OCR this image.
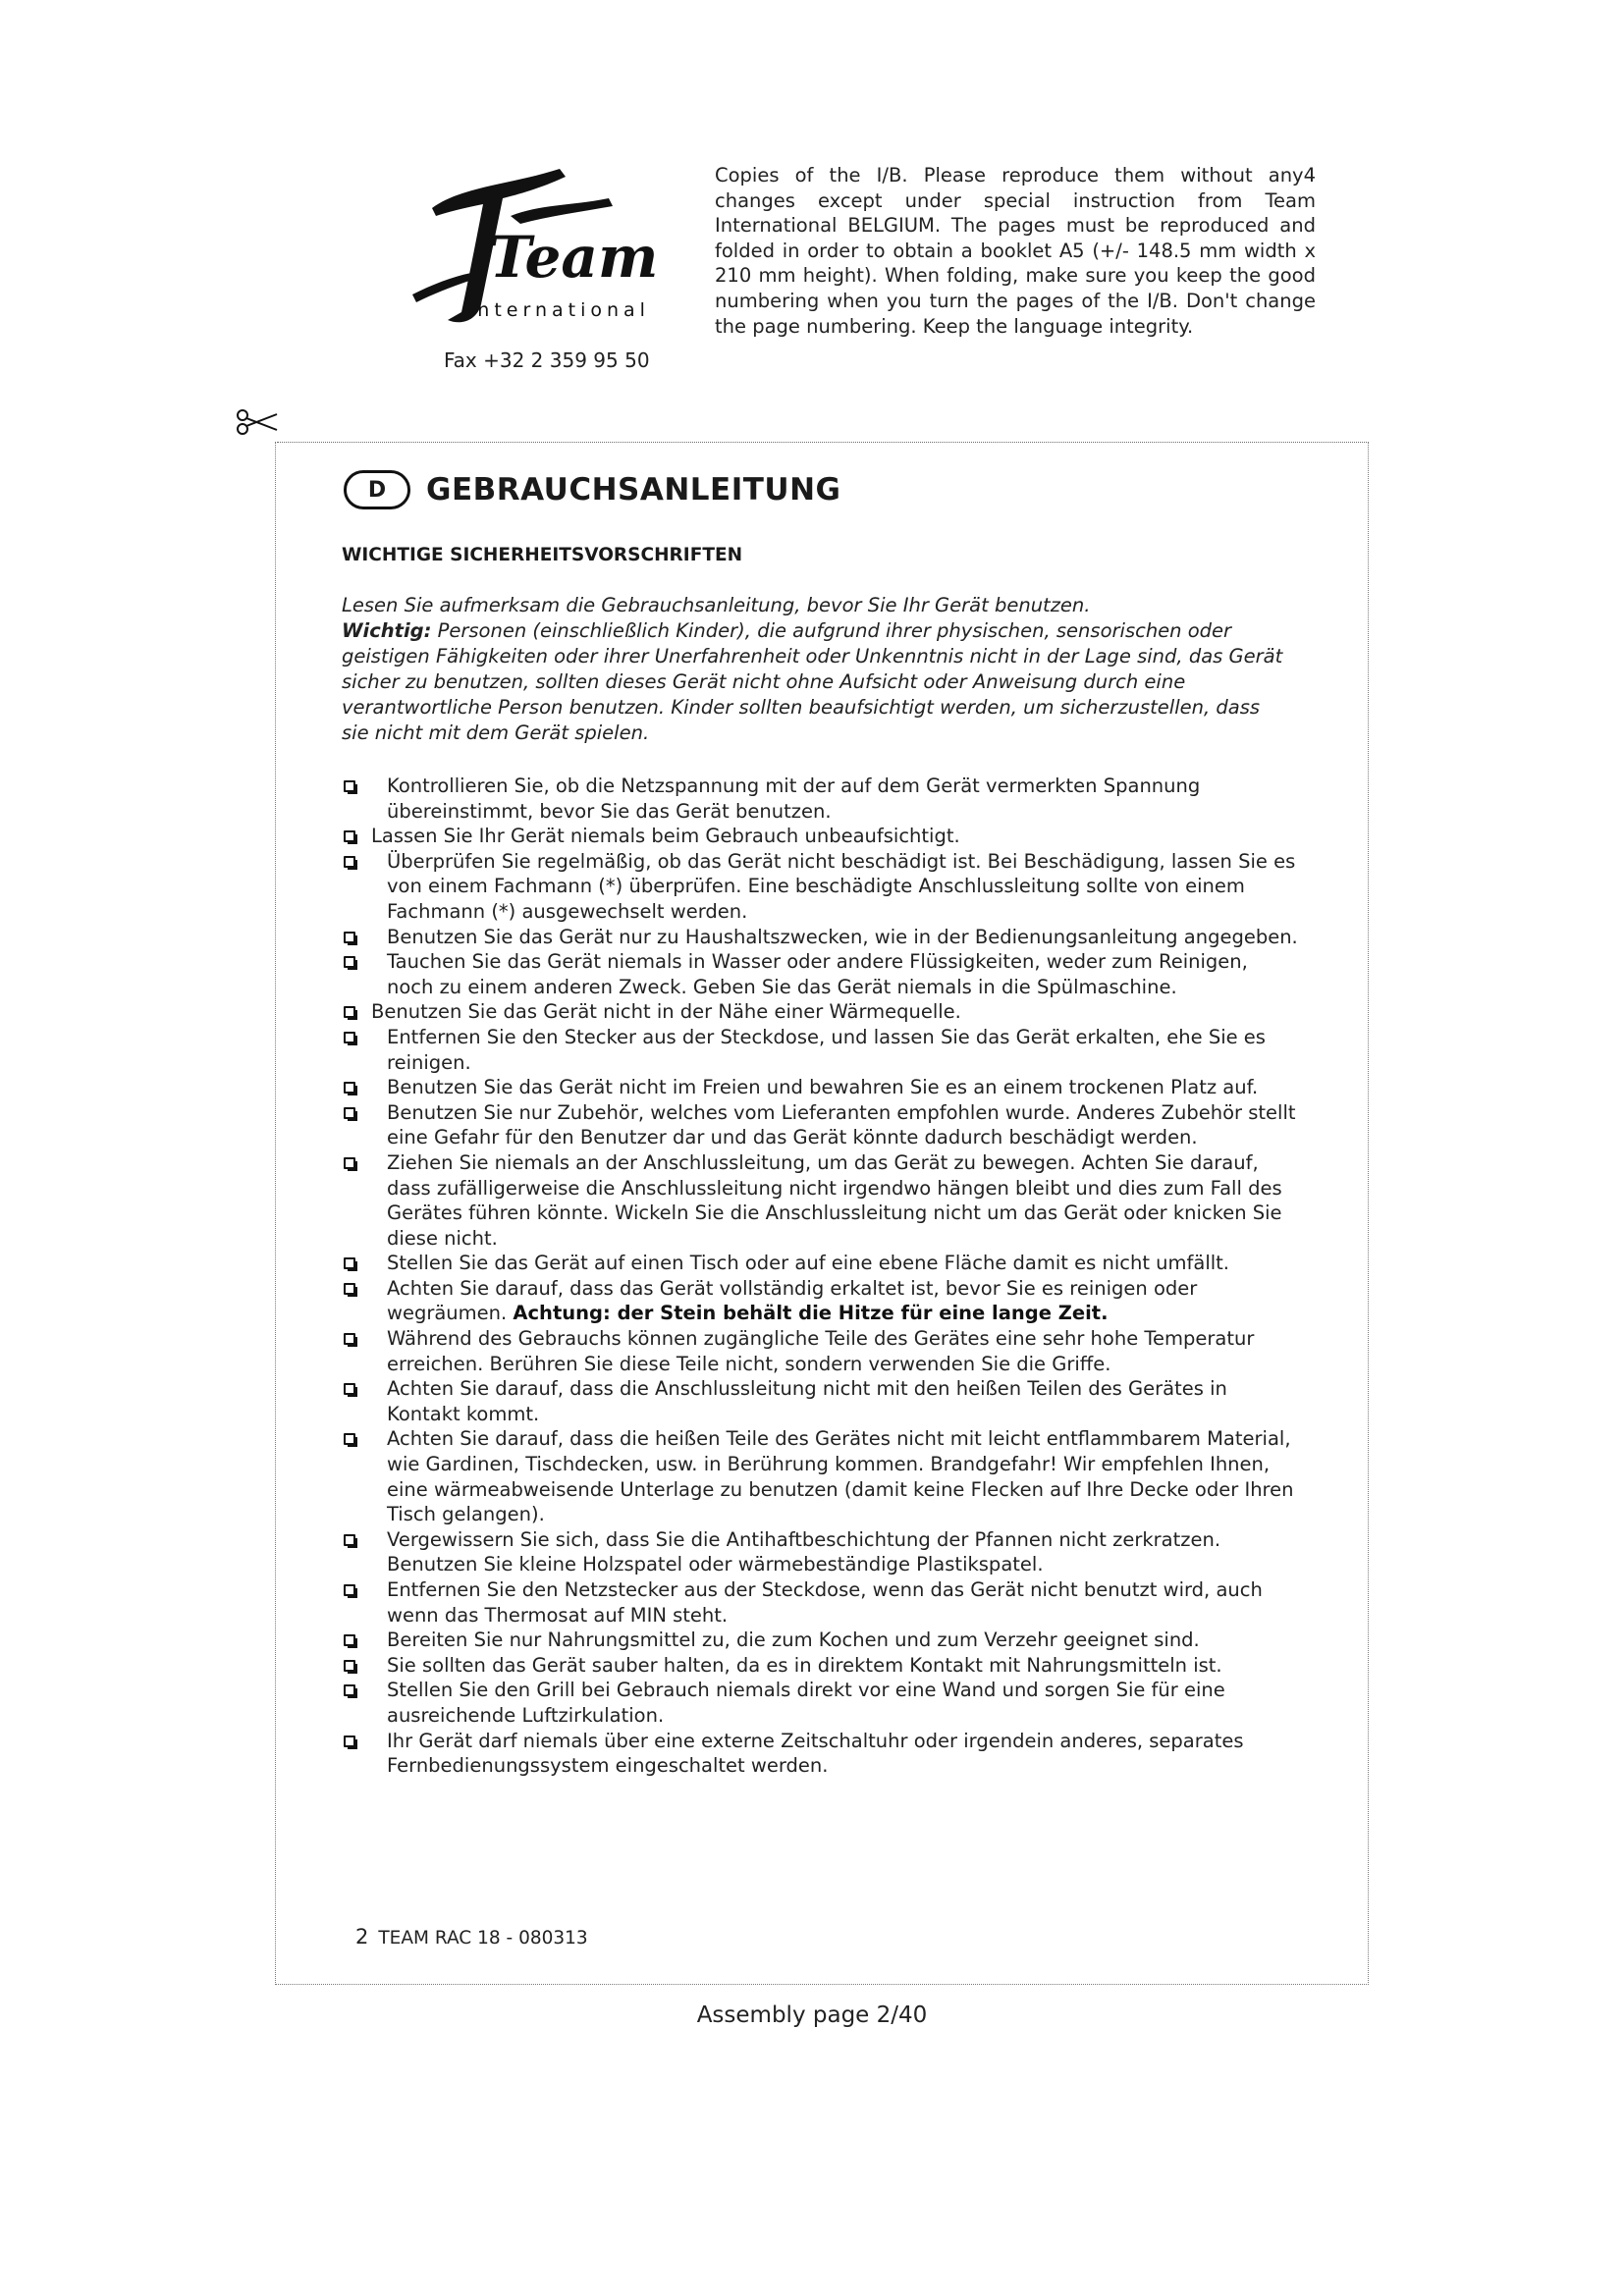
Team
international
Fax +32 2 359 95 50
Copies of the I/B. Please reproduce them without any4 changes except under special instruction from Team International BELGIUM. The pages must be reproduced and folded in order to obtain a booklet A5 (+/- 148.5 mm width x 210 mm height). When folding, make sure you keep the good numbering when you turn the pages of the I/B. Don't change the page numbering. Keep the language integrity.
D	GEBRAUCHSANLEITUNG
WICHTIGE SICHERHEITSVORSCHRIFTEN

Lesen Sie aufmerksam die Gebrauchsanleitung, bevor Sie Ihr Gerät benutzen.

Wichtig: Personen (einschließlich Kinder), die aufgrund ihrer physischen, sensorischen oder geistigen Fähigkeiten oder ihrer Unerfahrenheit oder Unkenntnis nicht in der Lage sind, das Gerät sicher zu benutzen, sollten dieses Gerät nicht ohne Aufsicht oder Anweisung durch eine verantwortliche Person benutzen. Kinder sollten beaufsichtigt werden, um sicherzustellen, dass sie nicht mit dem Gerät spielen.

Kontrollieren Sie, ob die Netzspannung mit der auf dem Gerät vermerkten Spannung übereinstimmt, bevor Sie das Gerät benutzen.
Lassen Sie Ihr Gerät niemals beim Gebrauch unbeaufsichtigt.
Überprüfen Sie regelmäßig, ob das Gerät nicht beschädigt ist. Bei Beschädigung, lassen Sie es von einem Fachmann (*) überprüfen. Eine beschädigte Anschlussleitung sollte von einem Fachmann (*) ausgewechselt werden.
Benutzen Sie das Gerät nur zu Haushaltszwecken, wie in der Bedienungsanleitung angegeben.
Tauchen Sie das Gerät niemals in Wasser oder andere Flüssigkeiten, weder zum Reinigen, noch zu einem anderen Zweck. Geben Sie das Gerät niemals in die Spülmaschine.
Benutzen Sie das Gerät nicht in der Nähe einer Wärmequelle.
Entfernen Sie den Stecker aus der Steckdose, und lassen Sie das Gerät erkalten, ehe Sie es reinigen.
Benutzen Sie das Gerät nicht im Freien und bewahren Sie es an einem trockenen Platz auf.
Benutzen Sie nur Zubehör, welches vom Lieferanten empfohlen wurde. Anderes Zubehör stellt eine Gefahr für den Benutzer dar und das Gerät könnte dadurch beschädigt werden.
Ziehen Sie niemals an der Anschlussleitung, um das Gerät zu bewegen. Achten Sie darauf, dass zufälligerweise die Anschlussleitung nicht irgendwo hängen bleibt und dies zum Fall des Gerätes führen könnte. Wickeln Sie die Anschlussleitung nicht um das Gerät oder knicken Sie diese nicht.
Stellen Sie das Gerät auf einen Tisch oder auf eine ebene Fläche damit es nicht umfällt.
Achten Sie darauf, dass das Gerät vollständig erkaltet ist, bevor Sie es reinigen oder wegräumen. Achtung: der Stein behält die Hitze für eine lange Zeit.
Während des Gebrauchs können zugängliche Teile des Gerätes eine sehr hohe Temperatur erreichen. Berühren Sie diese Teile nicht, sondern verwenden Sie die Griffe.
Achten Sie darauf, dass die Anschlussleitung nicht mit den heißen Teilen des Gerätes in Kontakt kommt.
Achten Sie darauf, dass die heißen Teile des Gerätes nicht mit leicht entflammbarem Material, wie Gardinen, Tischdecken, usw. in Berührung kommen. Brandgefahr! Wir empfehlen Ihnen, eine wärmeabweisende Unterlage zu benutzen (damit keine Flecken auf Ihre Decke oder Ihren Tisch gelangen).
Vergewissern Sie sich, dass Sie die Antihaftbeschichtung der Pfannen nicht zerkratzen. Benutzen Sie kleine Holzspatel oder wärmebeständige Plastikspatel.
Entfernen Sie den Netzstecker aus der Steckdose, wenn das Gerät nicht benutzt wird, auch wenn das Thermosat auf MIN steht.
Bereiten Sie nur Nahrungsmittel zu, die zum Kochen und zum Verzehr geeignet sind.
Sie sollten das Gerät sauber halten, da es in direktem Kontakt mit Nahrungsmitteln ist.
Stellen Sie den Grill bei Gebrauch niemals direkt vor eine Wand und sorgen Sie für eine ausreichende Luftzirkulation.
Ihr Gerät darf niemals über eine externe Zeitschaltuhr oder irgendein anderes, separates Fernbedienungssystem eingeschaltet werden.
2 TEAM RAC 18 - 080313
Assembly page 2/40
